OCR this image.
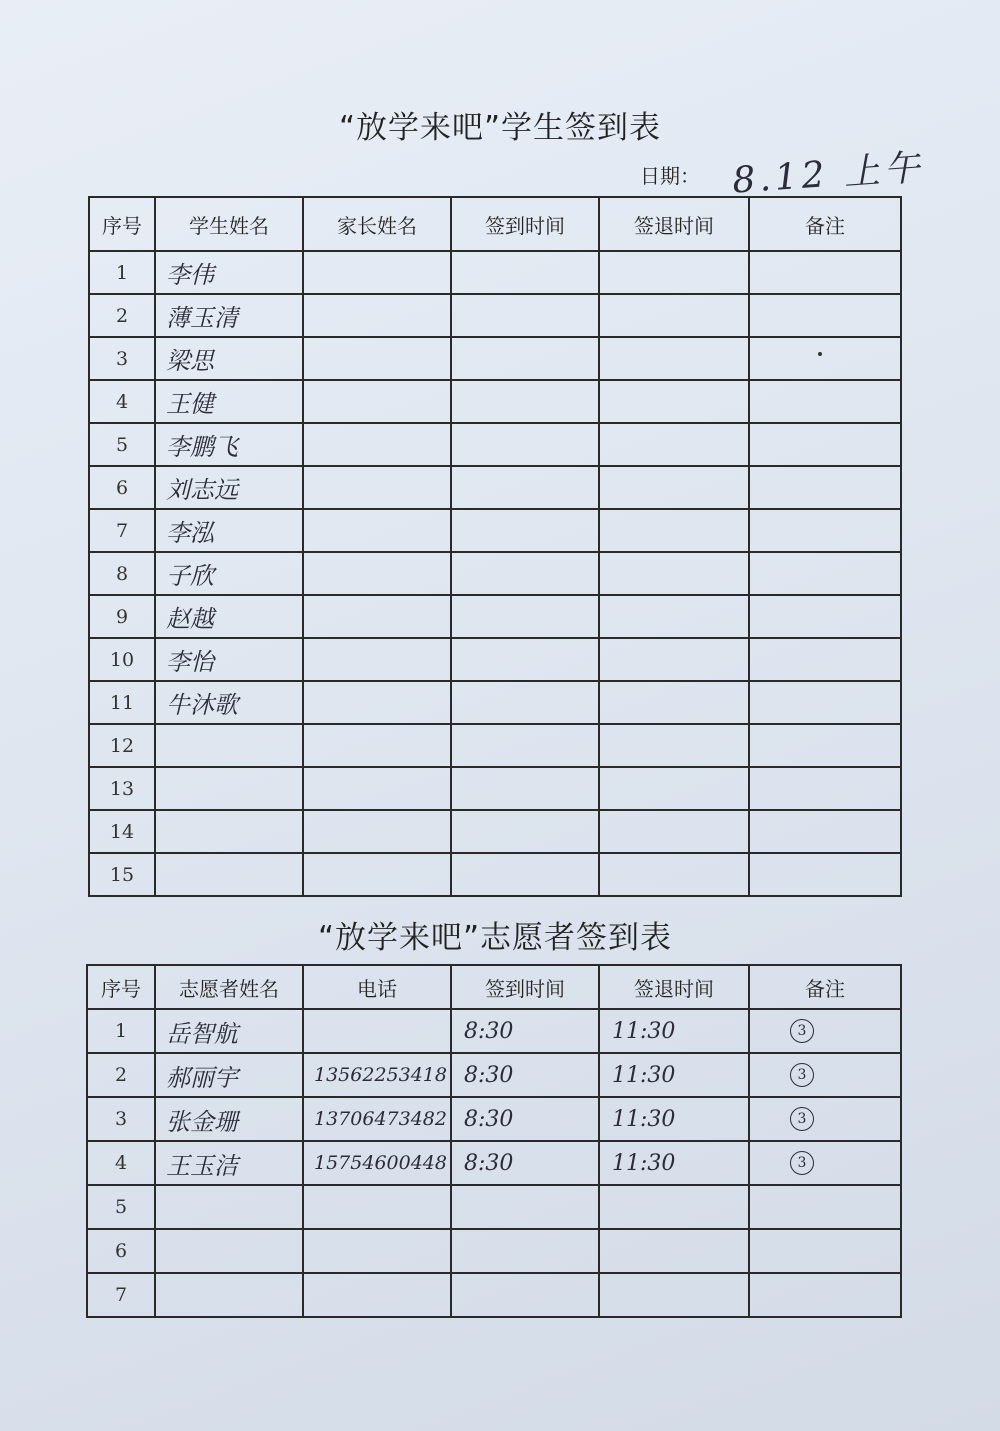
“放学来吧”学生签到表
日期： 8.12 上午
序号	学生姓名	家长姓名	签到时间	签退时间	备注
1	李伟				
2	薄玉清				
3	梁思				
4	王健				
5	李鹏飞				
6	刘志远				
7	李泓				
8	子欣				
9	赵越				
10	李怡				
11	牛沐歌				
12					
13					
14					
15					
“放学来吧”志愿者签到表
序号	志愿者姓名	电话	签到时间	签退时间	备注
1	岳智航		8:30	11:30	3
2	郝丽宇	13562253418	8:30	11:30	3
3	张金珊	13706473482	8:30	11:30	3
4	王玉洁	15754600448	8:30	11:30	3
5					
6					
7					
